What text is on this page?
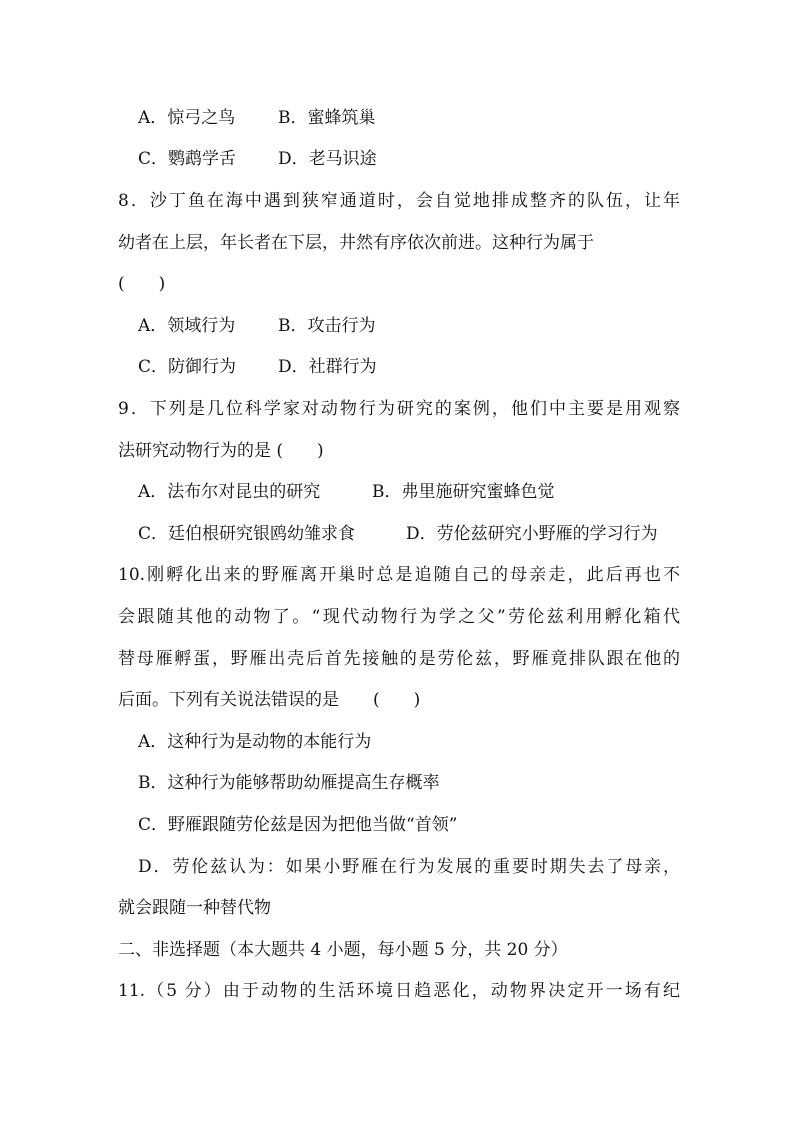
A．惊弓之鸟	B．蜜蜂筑巢
C．鹦鹉学舌 D．老马识途
8．沙丁鱼在海中遇到狭窄通道时，会自觉地排成整齐的队伍，让年
幼者在上层，年长者在下层，井然有序依次前进。这种行为属于
(　　)
A．领域行为	B．攻击行为
C．防御行为 D．社群行为
9．下列是几位科学家对动物行为研究的案例，他们中主要是用观察
法研究动物行为的是 (　　)
A．法布尔对昆虫的研究	B．弗里施研究蜜蜂色觉
C．廷伯根研究银鸥幼雏求食	D．劳伦兹研究小野雁的学习行为
10.刚孵化出来的野雁离开巢时总是追随自己的母亲走，此后再也不
会跟随其他的动物了。“现代动物行为学之父”劳伦兹利用孵化箱代
替母雁孵蛋，野雁出壳后首先接触的是劳伦兹，野雁竟排队跟在他的
后面。下列有关说法错误的是　　(　　)
A．这种行为是动物的本能行为
B．这种行为能够帮助幼雁提高生存概率
C．野雁跟随劳伦兹是因为把他当做“首领”
D．劳伦兹认为：如果小野雁在行为发展的重要时期失去了母亲，
就会跟随一种替代物
二、非选择题（本大题共 4 小题，每小题 5 分，共 20 分）
11.（5 分）由于动物的生活环境日趋恶化，动物界决定开一场有纪
